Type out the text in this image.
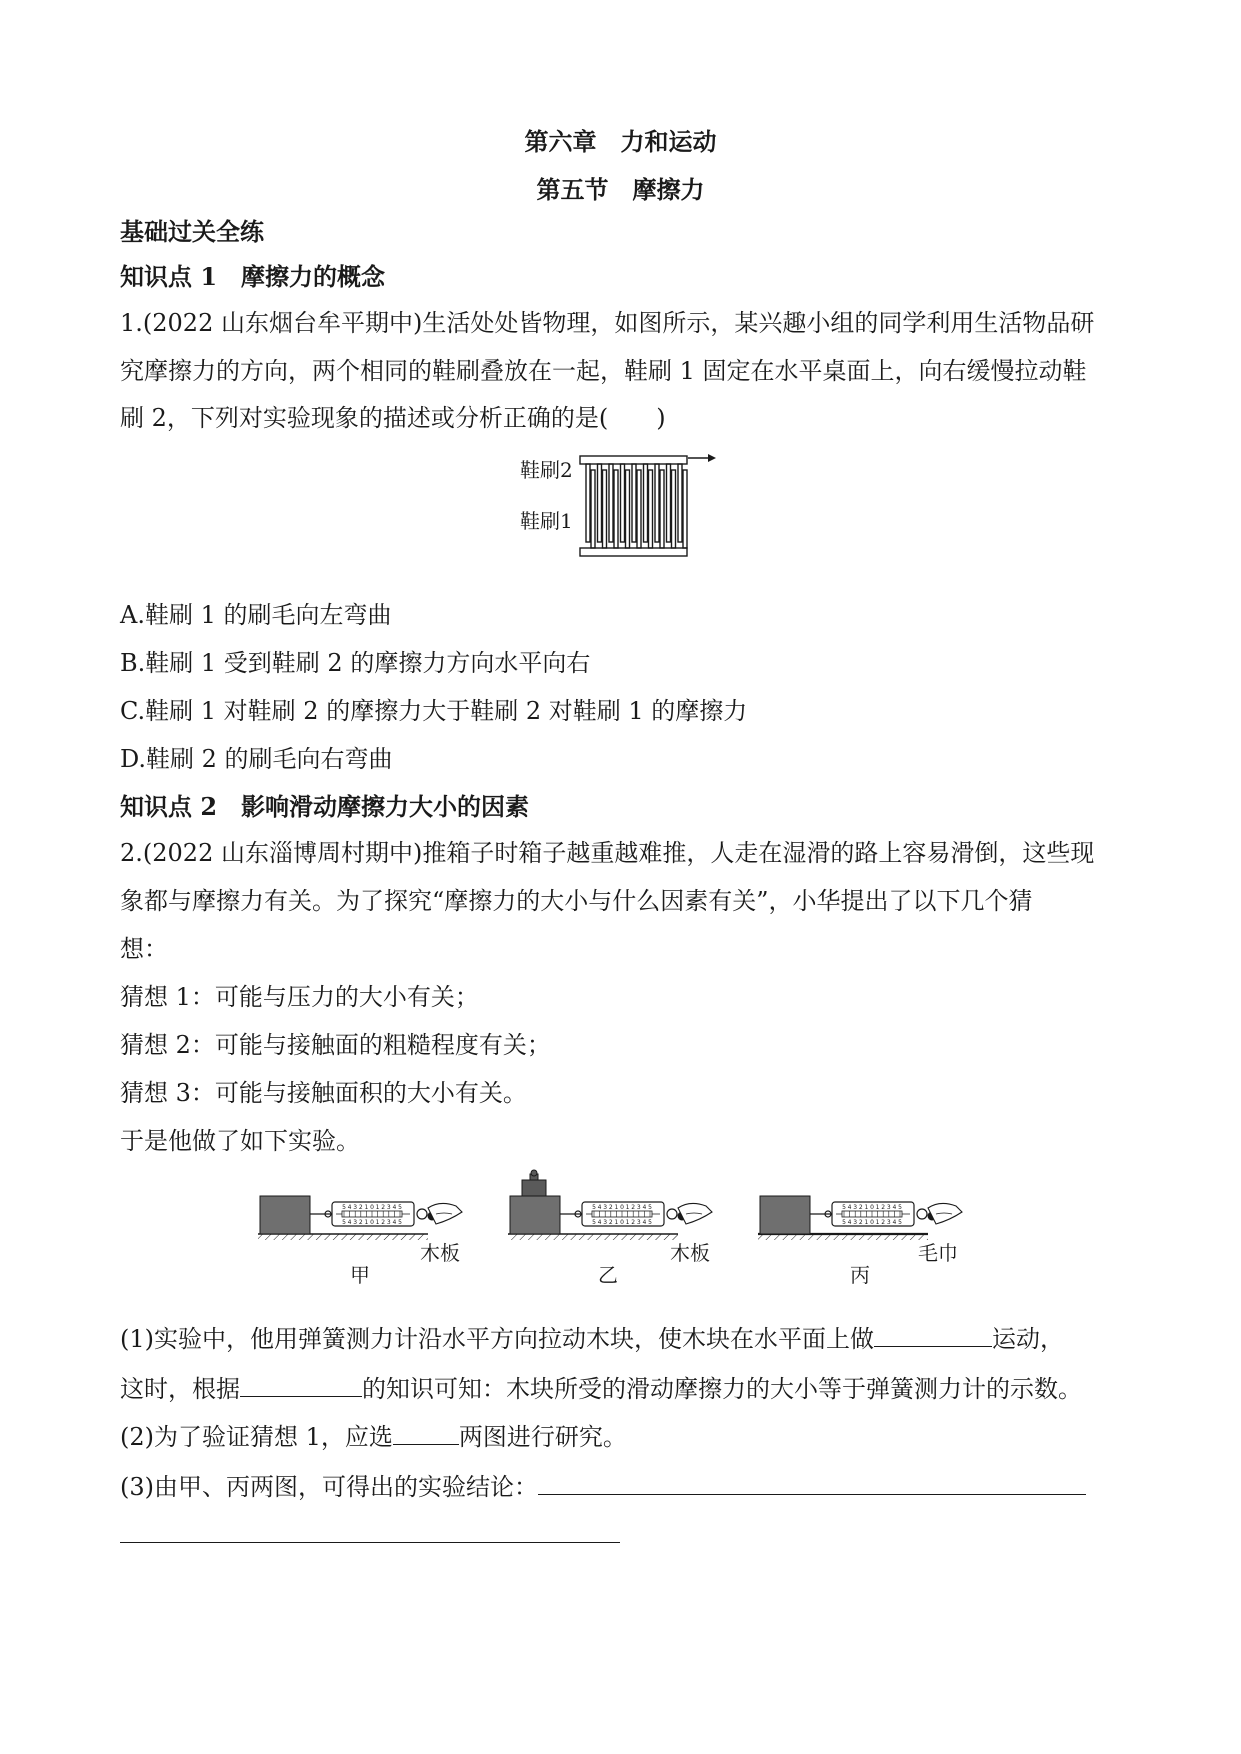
第六章　力和运动
第五节　摩擦力
基础过关全练
知识点 1　摩擦力的概念
1.(2022 山东烟台牟平期中)生活处处皆物理，如图所示，某兴趣小组的同学利用生活物品研
究摩擦力的方向，两个相同的鞋刷叠放在一起，鞋刷 1 固定在水平桌面上，向右缓慢拉动鞋
刷 2，下列对实验现象的描述或分析正确的是(　　)
鞋刷2
鞋刷1
A.鞋刷 1 的刷毛向左弯曲
B.鞋刷 1 受到鞋刷 2 的摩擦力方向水平向右
C.鞋刷 1 对鞋刷 2 的摩擦力大于鞋刷 2 对鞋刷 1 的摩擦力
D.鞋刷 2 的刷毛向右弯曲
知识点 2　影响滑动摩擦力大小的因素
2.(2022 山东淄博周村期中)推箱子时箱子越重越难推，人走在湿滑的路上容易滑倒，这些现
象都与摩擦力有关。为了探究“摩擦力的大小与什么因素有关”，小华提出了以下几个猜
想：
猜想 1：可能与压力的大小有关；
猜想 2：可能与接触面的粗糙程度有关；
猜想 3：可能与接触面积的大小有关。
于是他做了如下实验。
5
5
4
4
3
3
2
2
1
1
0
0
1
1
2
2
3
3
4
4
5
5
甲
木板
5
5
4
4
3
3
2
2
1
1
0
0
1
1
2
2
3
3
4
4
5
5
乙
木板
5
5
4
4
3
3
2
2
1
1
0
0
1
1
2
2
3
3
4
4
5
5
丙
毛巾
(1)实验中，他用弹簧测力计沿水平方向拉动木块，使木块在水平面上做	运动，
这时，根据	的知识可知：木块所受的滑动摩擦力的大小等于弹簧测力计的示数。
(2)为了验证猜想 1，应选	两图进行研究。
(3)由甲、丙两图，可得出的实验结论：
